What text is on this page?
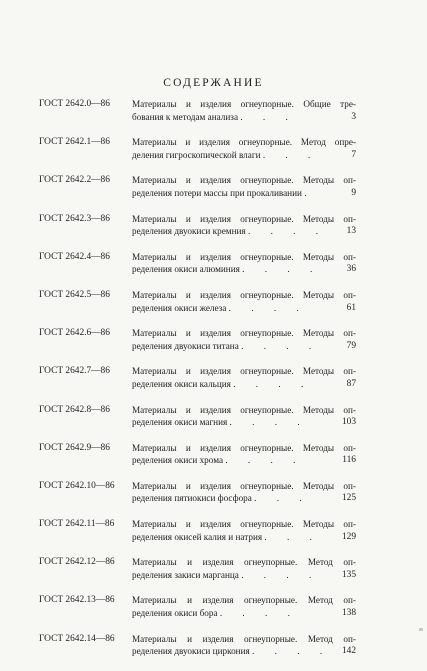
СОДЕРЖАНИЕ
ГОСТ 2642.0—86 Материалы и изделия огнеупорные. Общие тре-
бования к методам анализа . . .	3
ГОСТ 2642.1—86 Материалы и изделия огнеупорные. Метод опре-
деления гигроскопической влаги . . .	7
ГОСТ 2642.2—86 Материалы и изделия огнеупорные. Методы оп-
ределения потери массы при прокаливании .	9
ГОСТ 2642.3—86 Материалы и изделия огнеупорные. Методы оп-
ределения двуокиси кремния . . . .	13
ГОСТ 2642.4—86 Материалы и изделия огнеупорные. Методы оп-
ределения окиси алюминия . . . .	36
ГОСТ 2642.5—86 Материалы и изделия огнеупорные. Методы оп-
ределения окиси железа . . . .	61
ГОСТ 2642.6—86 Материалы и изделия огнеупорные. Методы оп-
ределения двуокиси титана . . . .	79
ГОСТ 2642.7—86 Материалы и изделия огнеупорные. Методы оп-
ределения окиси кальция . . . .	87
ГОСТ 2642.8—86 Материалы и изделия огнеупорные. Методы оп-
ределения окиси магния . . . .	103
ГОСТ 2642.9—86 Материалы и изделия огнеупорные. Методы оп-
ределения окиси хрома . . . .	116
ГОСТ 2642.10—86 Материалы и изделия огнеупорные. Методы оп-
ределения пятиокиси фосфора . . .	125
ГОСТ 2642.11—86 Материалы и изделия огнеупорные. Методы оп-
ределения окисей калия и натрия . . .	129
ГОСТ 2642.12—86 Материалы и изделия огнеупорные. Метод оп-
ределения закиси марганца . . . .	135
ГОСТ 2642.13—86 Материалы и изделия огнеупорные. Метод оп-
ределения окиси бора . . . .	138
ГОСТ 2642.14—86 Материалы и изделия огнеупорные. Метод оп-
ределения двуокиси циркония . . . .	142
